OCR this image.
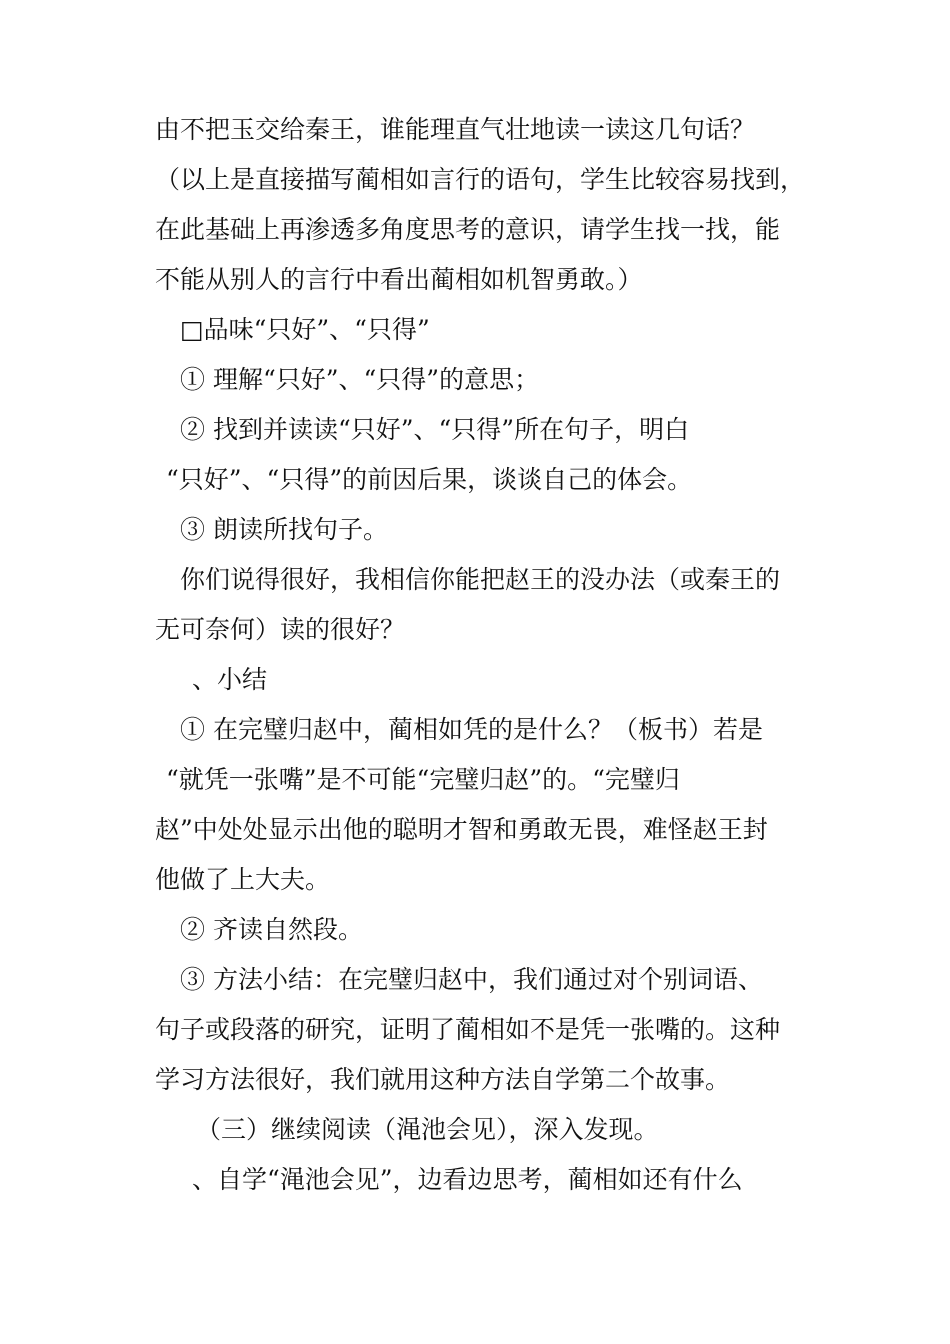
由不把玉交给秦王，谁能理直气壮地读一读这几句话？

（以上是直接描写蔺相如言行的语句，学生比较容易找到，

在此基础上再渗透多角度思考的意识，请学生找一找，能

不能从别人的言行中看出蔺相如机智勇敢。）

□品味“只好”、“只得”

① 理解“只好”、“只得”的意思；

② 找到并读读“只好”、“只得”所在句子，明白

“只好”、“只得”的前因后果，谈谈自己的体会。

③ 朗读所找句子。

你们说得很好，我相信你能把赵王的没办法（或秦王的

无可奈何）读的很好？

、小结

① 在完璧归赵中，蔺相如凭的是什么？（板书）若是

“就凭一张嘴”是不可能“完璧归赵”的。“完璧归

赵”中处处显示出他的聪明才智和勇敢无畏，难怪赵王封

他做了上大夫。

② 齐读自然段。

③ 方法小结：在完璧归赵中，我们通过对个别词语、

句子或段落的研究，证明了蔺相如不是凭一张嘴的。这种

学习方法很好，我们就用这种方法自学第二个故事。

（三）继续阅读（渑池会见），深入发现。

、自学“渑池会见”，边看边思考，蔺相如还有什么
